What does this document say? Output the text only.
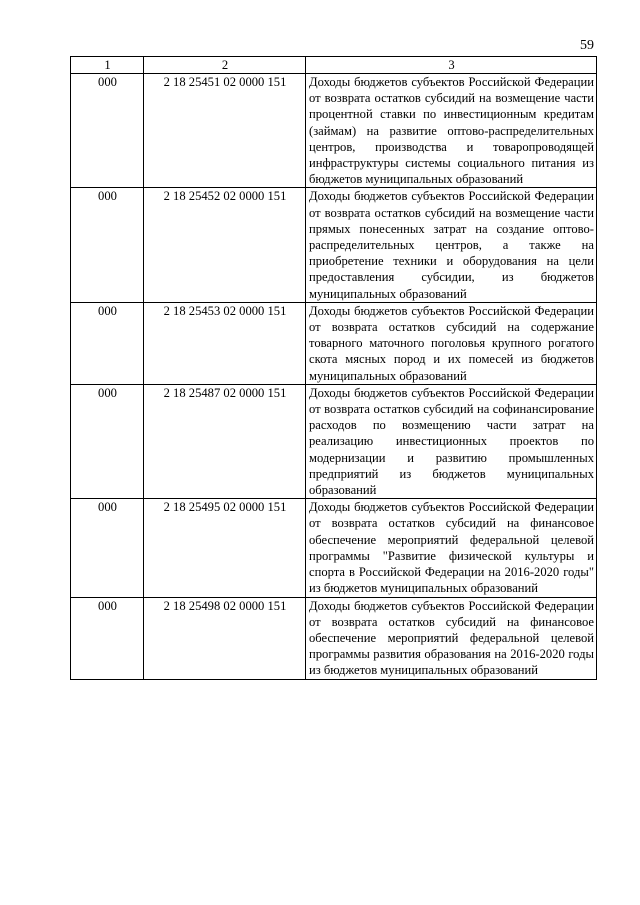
59
1	2	3
000	2 18 25451 02 0000 151	Доходы бюджетов субъектов Российской Федерации от возврата остатков субсидий на возмещение части процентной ставки по инвестиционным кредитам (займам) на развитие оптово-распределительных центров, производства и товаропроводящей инфраструктуры системы социального питания из бюджетов муниципальных образований
000	2 18 25452 02 0000 151	Доходы бюджетов субъектов Российской Федерации от возврата остатков субсидий на возмещение части прямых понесенных затрат на создание оптово-распределительных центров, а также на приобретение техники и оборудования на цели предоставления субсидии, из бюджетов муниципальных образований
000	2 18 25453 02 0000 151	Доходы бюджетов субъектов Российской Федерации от возврата остатков субсидий на содержание товарного маточного поголовья крупного рогатого скота мясных пород и их помесей из бюджетов муниципальных образований
000	2 18 25487 02 0000 151	Доходы бюджетов субъектов Российской Федерации от возврата остатков субсидий на софинансирование расходов по возмещению части затрат на реализацию инвестиционных проектов по модернизации и развитию промышленных предприятий из бюджетов муниципальных образований
000	2 18 25495 02 0000 151	Доходы бюджетов субъектов Российской Федерации от возврата остатков субсидий на финансовое обеспечение мероприятий федеральной целевой программы "Развитие физической культуры и спорта в Российской Федерации на 2016-2020 годы" из бюджетов муниципальных образований
000	2 18 25498 02 0000 151	Доходы бюджетов субъектов Российской Федерации от возврата остатков субсидий на финансовое обеспечение мероприятий федеральной целевой программы развития образования на 2016-2020 годы из бюджетов муниципальных образований
